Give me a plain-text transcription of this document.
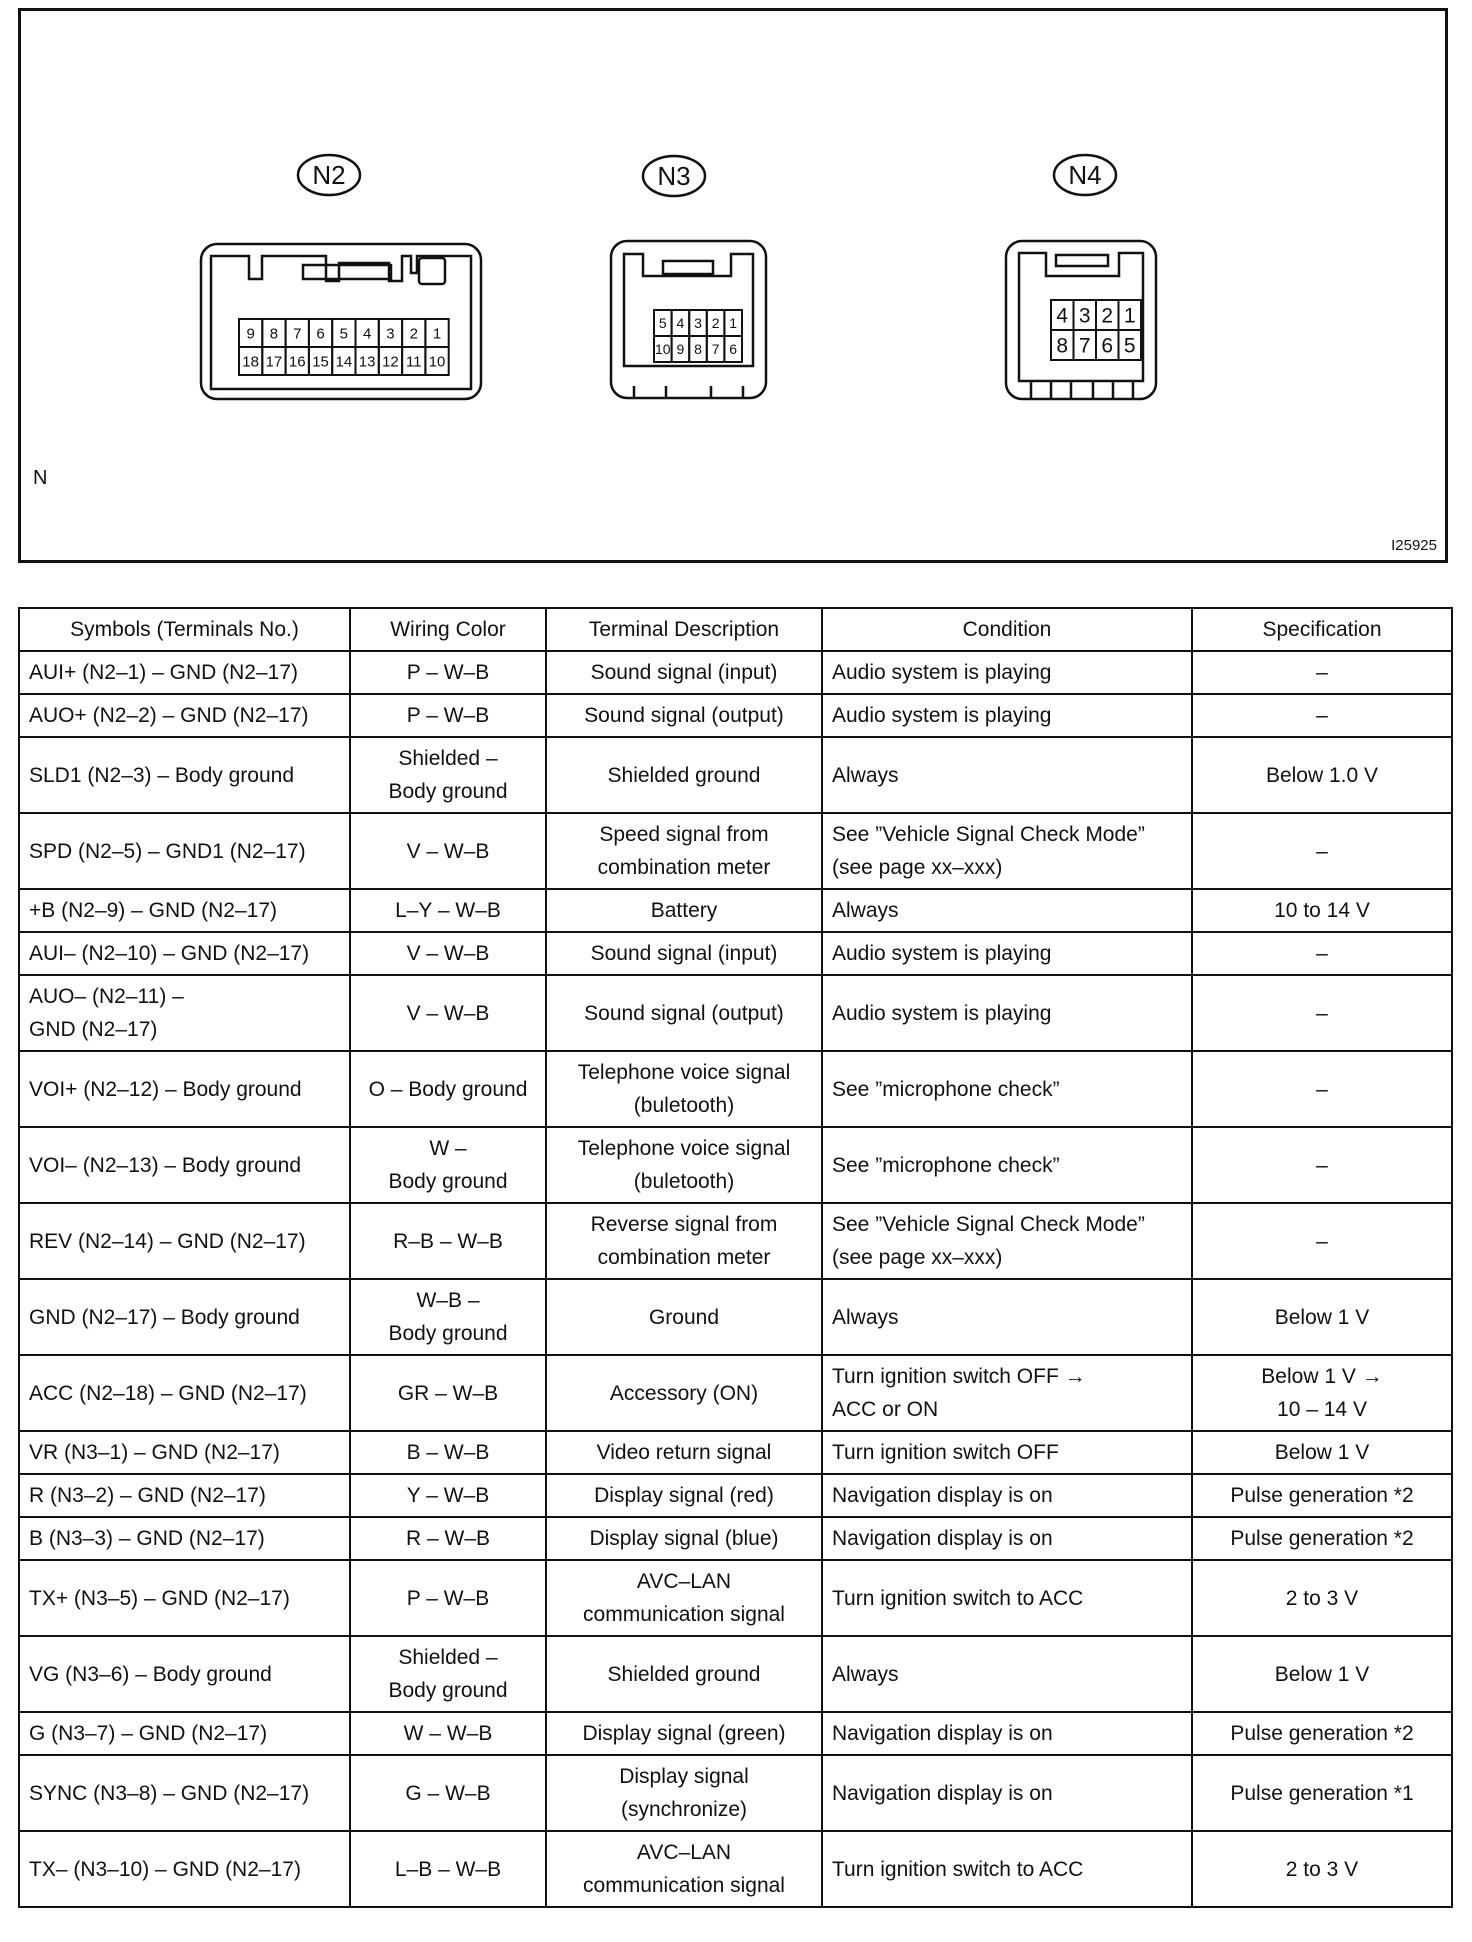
9 8 7 6 5 4 3 2 1
18 17 16 15 14 13 12 11 10
5 4 3 2 1
10 9 8 7 6
4 3 2 1
8 7 6 5
N2	N3	N4
N
I25925
Symbols (Terminals No.)	Wiring Color	Terminal Description	Condition	Specification
AUI+ (N2–1) – GND (N2–17)	P – W–B	Sound signal (input)	Audio system is playing	–
AUO+ (N2–2) – GND (N2–17)	P – W–B	Sound signal (output)	Audio system is playing	–
SLD1 (N2–3) – Body ground	Shielded –
Body ground	Shielded ground	Always	Below 1.0 V
SPD (N2–5) – GND1 (N2–17)	V – W–B	Speed signal from
combination meter	See ”Vehicle Signal Check Mode”
(see page xx–xxx)	–
+B (N2–9) – GND (N2–17)	L–Y – W–B	Battery	Always	10 to 14 V
AUI– (N2–10) – GND (N2–17)	V – W–B	Sound signal (input)	Audio system is playing	–
AUO– (N2–11) –
GND (N2–17)	V – W–B	Sound signal (output)	Audio system is playing	–
VOI+ (N2–12) – Body ground	O – Body ground	Telephone voice signal
(buletooth)	See ”microphone check”	–
VOI– (N2–13) – Body ground	W –
Body ground	Telephone voice signal
(buletooth)	See ”microphone check”	–
REV (N2–14) – GND (N2–17)	R–B – W–B	Reverse signal from
combination meter	See ”Vehicle Signal Check Mode”
(see page xx–xxx)	–
GND (N2–17) – Body ground	W–B –
Body ground	Ground	Always	Below 1 V
ACC (N2–18) – GND (N2–17)	GR – W–B	Accessory (ON)	Turn ignition switch OFF →
ACC or ON	Below 1 V →
10 – 14 V
VR (N3–1) – GND (N2–17)	B – W–B	Video return signal	Turn ignition switch OFF	Below 1 V
R (N3–2) – GND (N2–17)	Y – W–B	Display signal (red)	Navigation display is on	Pulse generation *2
B (N3–3) – GND (N2–17)	R – W–B	Display signal (blue)	Navigation display is on	Pulse generation *2
TX+ (N3–5) – GND (N2–17)	P – W–B	AVC–LAN
communication signal	Turn ignition switch to ACC	2 to 3 V
VG (N3–6) – Body ground	Shielded –
Body ground	Shielded ground	Always	Below 1 V
G (N3–7) – GND (N2–17)	W – W–B	Display signal (green)	Navigation display is on	Pulse generation *2
SYNC (N3–8) – GND (N2–17)	G – W–B	Display signal
(synchronize)	Navigation display is on	Pulse generation *1
TX– (N3–10) – GND (N2–17)	L–B – W–B	AVC–LAN
communication signal	Turn ignition switch to ACC	2 to 3 V
